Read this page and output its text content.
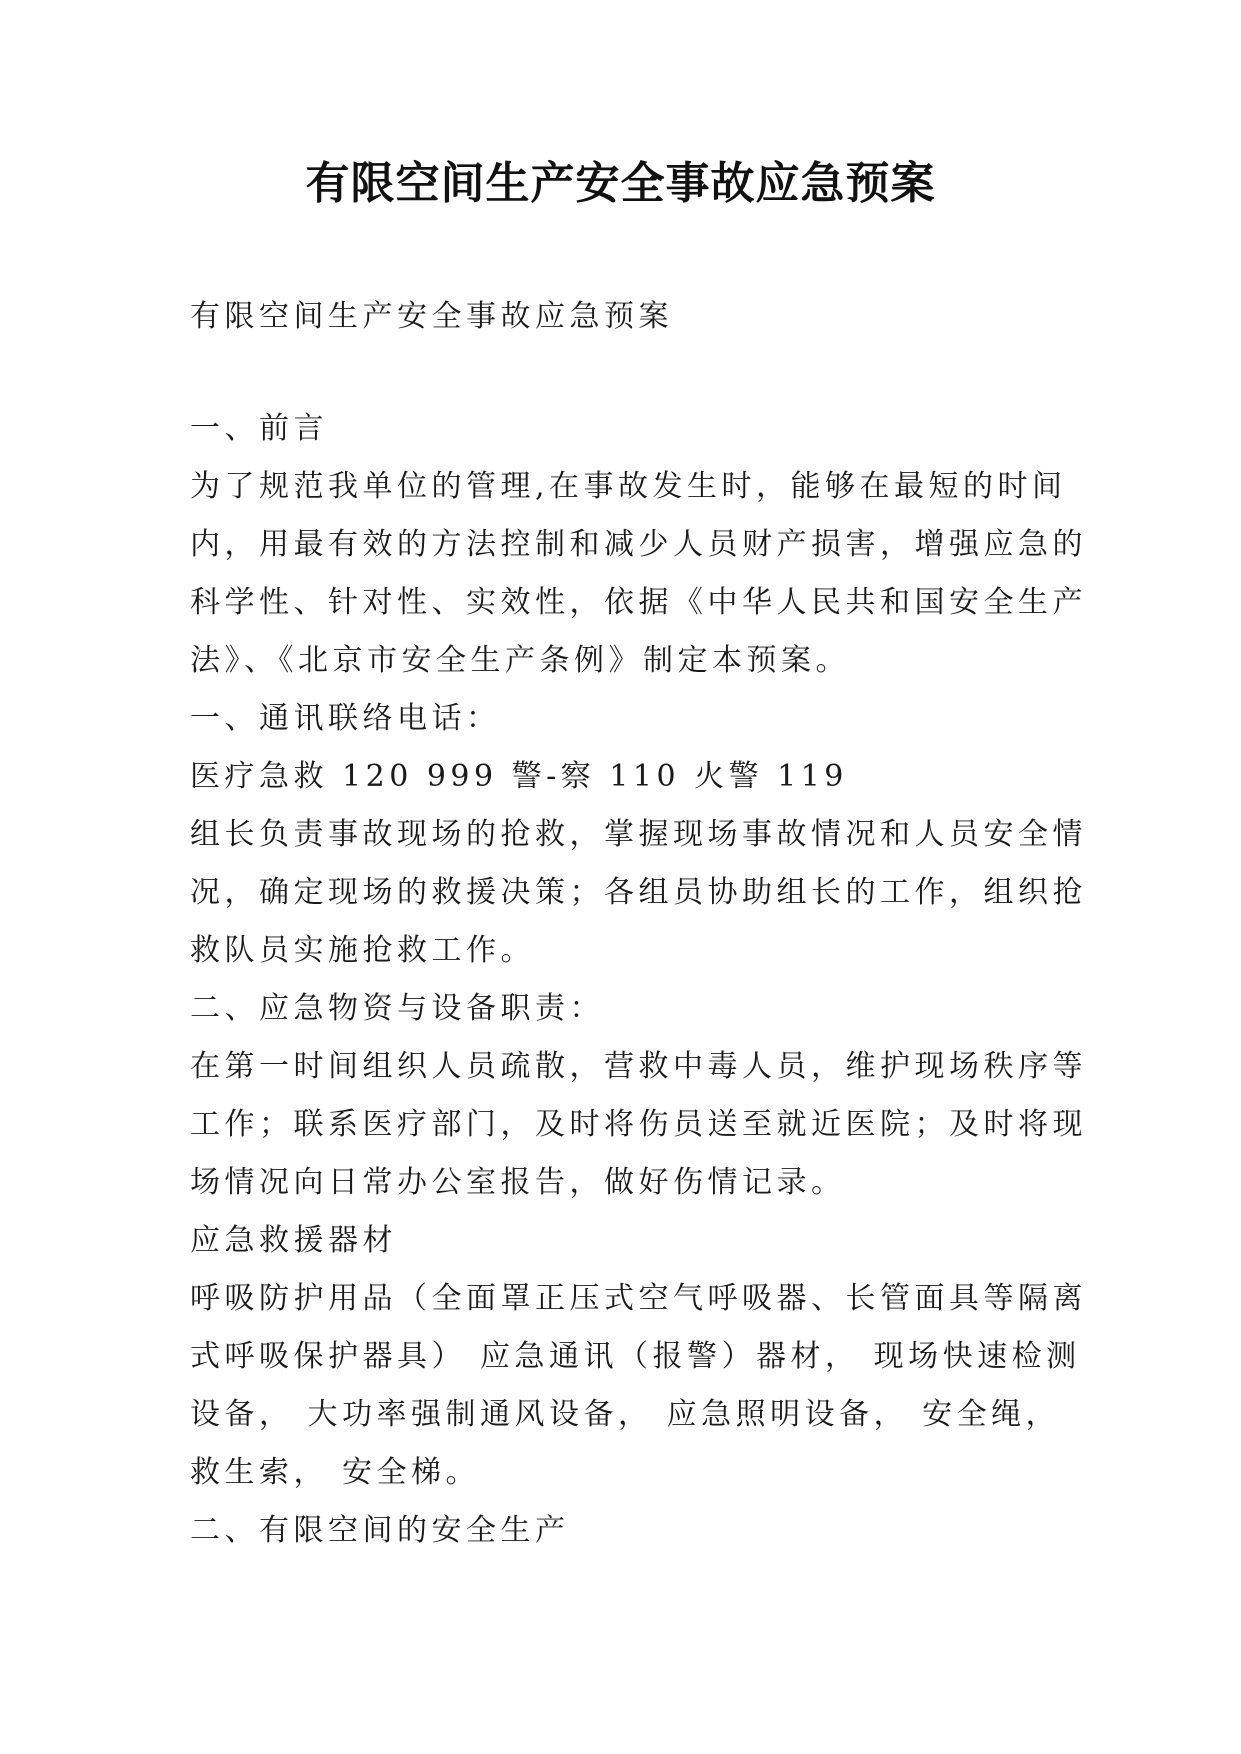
有限空间生产安全事故应急预案
有限空间生产安全事故应急预案
一、前言
为了规范我单位的管理,在事故发生时，能够在最短的时间
内，用最有效的方法控制和减少人员财产损害，增强应急的
科学性、针对性、实效性，依据《中华人民共和国安全生产
法》、《北京市安全生产条例》制定本预案。
一、通讯联络电话：
医疗急救 120 999 警-察 110 火警 119
组长负责事故现场的抢救，掌握现场事故情况和人员安全情
况，确定现场的救援决策；各组员协助组长的工作，组织抢
救队员实施抢救工作。
二、应急物资与设备职责：
在第一时间组织人员疏散，营救中毒人员，维护现场秩序等
工作；联系医疗部门，及时将伤员送至就近医院；及时将现
场情况向日常办公室报告，做好伤情记录。
应急救援器材
呼吸防护用品（全面罩正压式空气呼吸器、长管面具等隔离
式呼吸保护器具） 应急通讯（报警）器材， 现场快速检测
设备， 大功率强制通风设备， 应急照明设备， 安全绳，
救生索， 安全梯。
二、有限空间的安全生产
